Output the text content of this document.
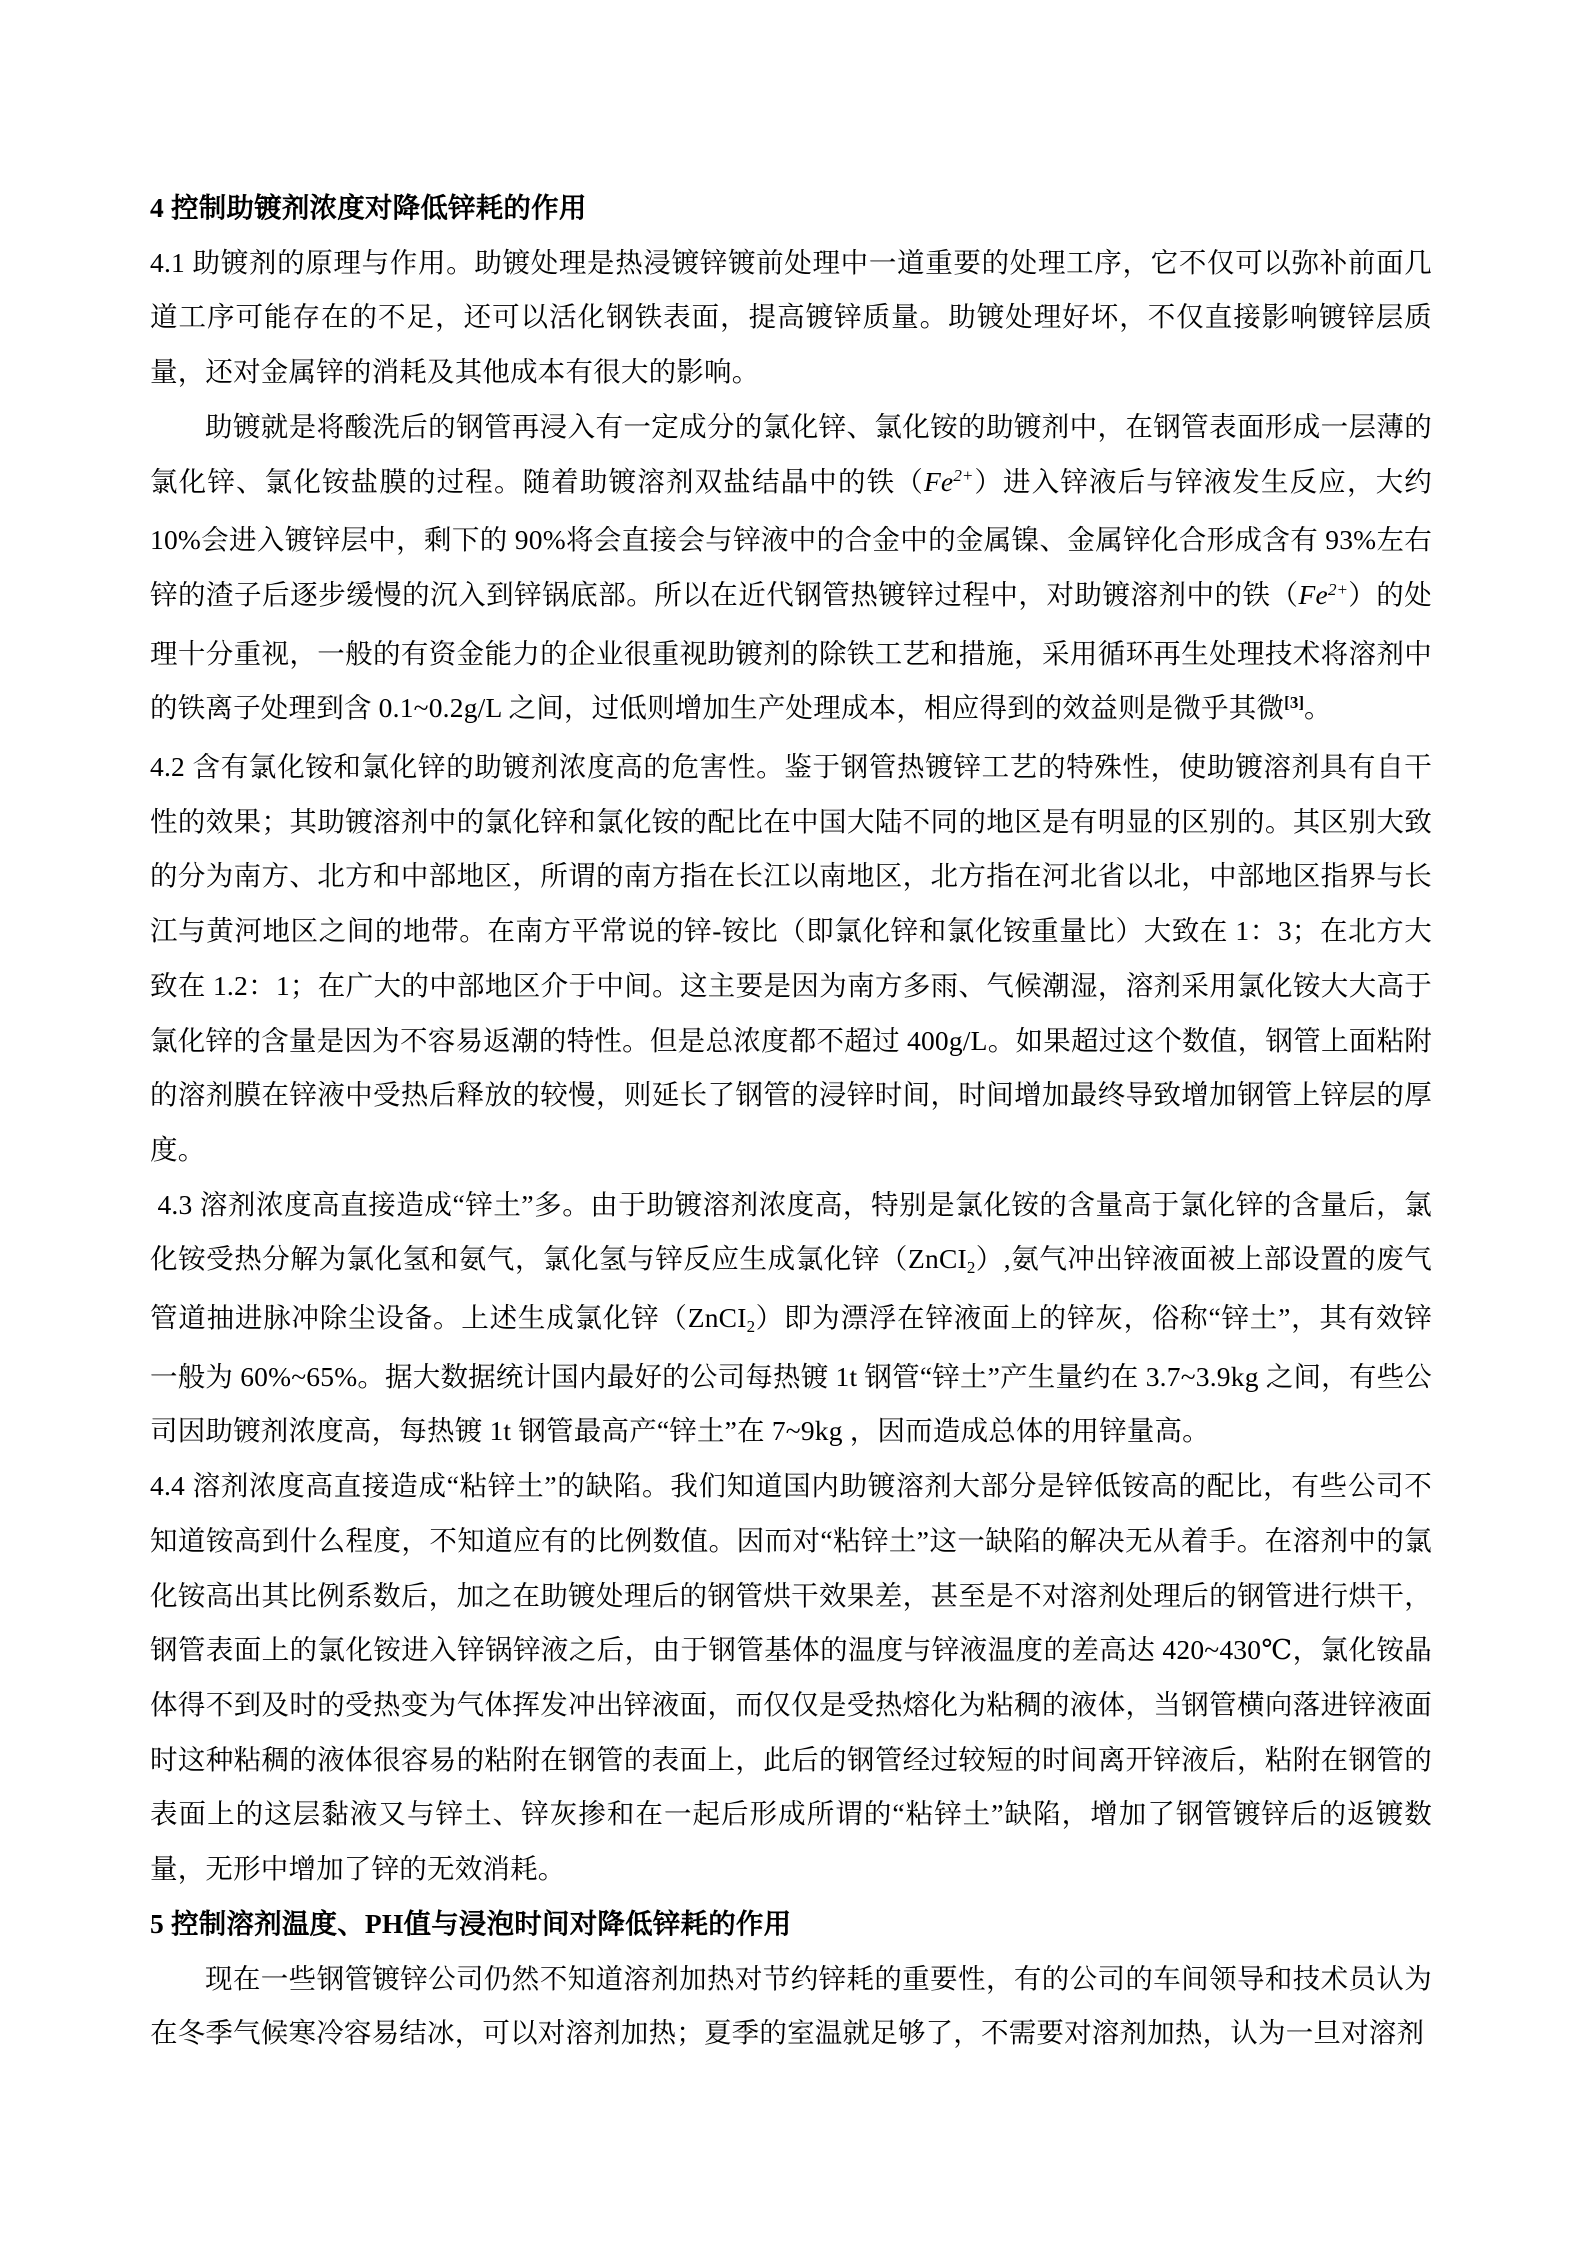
4 控制助镀剂浓度对降低锌耗的作用

4.1 助镀剂的原理与作用。助镀处理是热浸镀锌镀前处理中一道重要的处理工序，它不仅可以弥补前面几道工序可能存在的不足，还可以活化钢铁表面，提高镀锌质量。助镀处理好坏，不仅直接影响镀锌层质量，还对金属锌的消耗及其他成本有很大的影响。

助镀就是将酸洗后的钢管再浸入有一定成分的氯化锌、氯化铵的助镀剂中，在钢管表面形成一层薄的氯化锌、氯化铵盐膜的过程。随着助镀溶剂双盐结晶中的铁$(Fe^{2+})$进入锌液后与锌液发生反应，大约 10%会进入镀锌层中，剩下的 90%将会直接会与锌液中的合金中的金属镍、金属锌化合形成含有 93%左右锌的渣子后逐步缓慢的沉入到锌锅底部。所以在近代钢管热镀锌过程中，对助镀溶剂中的铁$(Fe^{2+})$的处理十分重视，一般的有资金能力的企业很重视助镀剂的除铁工艺和措施，采用循环再生处理技术将溶剂中的铁离子处理到含 0.1~0.2g/L 之间，过低则增加生产处理成本，相应得到的效益则是微乎其微[3]。

4.2 含有氯化铵和氯化锌的助镀剂浓度高的危害性。鉴于钢管热镀锌工艺的特殊性，使助镀溶剂具有自干性的效果；其助镀溶剂中的氯化锌和氯化铵的配比在中国大陆不同的地区是有明显的区别的。其区别大致的分为南方、北方和中部地区，所谓的南方指在长江以南地区，北方指在河北省以北，中部地区指界与长江与黄河地区之间的地带。在南方平常说的锌-铵比（即氯化锌和氯化铵重量比）大致在 1：3；在北方大致在 1.2：1；在广大的中部地区介于中间。这主要是因为南方多雨、气候潮湿，溶剂采用氯化铵大大高于氯化锌的含量是因为不容易返潮的特性。但是总浓度都不超过 400g/L。如果超过这个数值，钢管上面粘附的溶剂膜在锌液中受热后释放的较慢，则延长了钢管的浸锌时间，时间增加最终导致增加钢管上锌层的厚度。

4.3 溶剂浓度高直接造成“锌土”多。由于助镀溶剂浓度高，特别是氯化铵的含量高于氯化锌的含量后，氯化铵受热分解为氯化氢和氨气，氯化氢与锌反应生成氯化锌（ZnCI2）,氨气冲出锌液面被上部设置的废气管道抽进脉冲除尘设备。上述生成氯化锌（ZnCI2）即为漂浮在锌液面上的锌灰，俗称“锌土”，其有效锌一般为 60%~65%。据大数据统计国内最好的公司每热镀 1t 钢管“锌土”产生量约在 3.7~3.9kg 之间，有些公司因助镀剂浓度高，每热镀 1t 钢管最高产“锌土”在 7~9kg ，因而造成总体的用锌量高。

4.4 溶剂浓度高直接造成“粘锌土”的缺陷。我们知道国内助镀溶剂大部分是锌低铵高的配比，有些公司不知道铵高到什么程度，不知道应有的比例数值。因而对“粘锌土”这一缺陷的解决无从着手。在溶剂中的氯化铵高出其比例系数后，加之在助镀处理后的钢管烘干效果差，甚至是不对溶剂处理后的钢管进行烘干，钢管表面上的氯化铵进入锌锅锌液之后，由于钢管基体的温度与锌液温度的差高达 420~430℃，氯化铵晶体得不到及时的受热变为气体挥发冲出锌液面，而仅仅是受热熔化为粘稠的液体，当钢管横向落进锌液面时这种粘稠的液体很容易的粘附在钢管的表面上，此后的钢管经过较短的时间离开锌液后，粘附在钢管的表面上的这层黏液又与锌土、锌灰掺和在一起后形成所谓的“粘锌土”缺陷，增加了钢管镀锌后的返镀数量，无形中增加了锌的无效消耗。

5 控制溶剂温度、PH值与浸泡时间对降低锌耗的作用

现在一些钢管镀锌公司仍然不知道溶剂加热对节约锌耗的重要性，有的公司的车间领导和技术员认为在冬季气候寒冷容易结冰，可以对溶剂加热；夏季的室温就足够了，不需要对溶剂加热，认为一旦对溶剂
